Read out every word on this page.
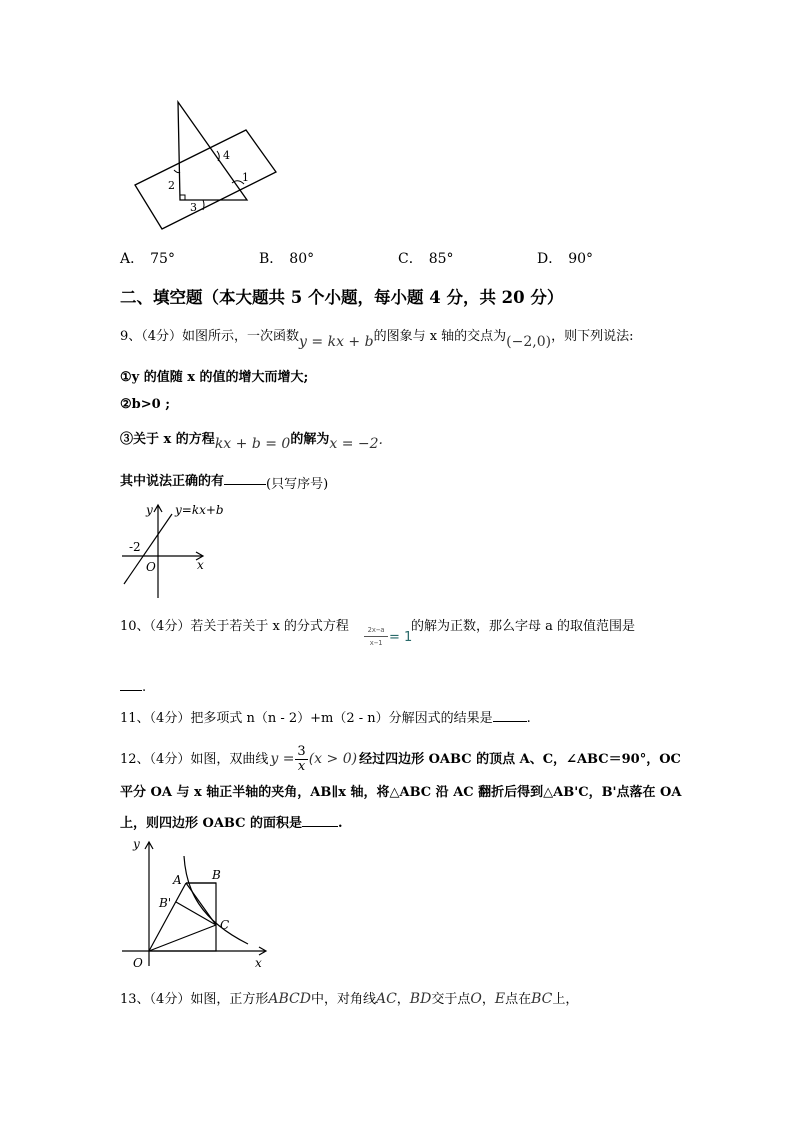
4
2
1
3
A． 75°	B． 80°	C． 85°	D． 90°
二、填空题（本大题共 5 个小题，每小题 4 分，共 20 分）
9、（4分）如图所示，一次函数y = kx + b的图象与 x 轴的交点为(−2,0)，则下列说法:
①y 的值随 x 的值的增大而增大;
②b>0 ;
③关于 x 的方程kx + b = 0的解为x = −2·
其中说法正确的有	(只写序号)
y y=kx+b
-2
O	x
10、（4分）若关于若关于 x 的分式方程	2x−a
x−1 = 1
的解为正数，那么字母 a 的取值范围是
.
11、（4分）把多项式 n（n - 2）+m（2 - n）分解因式的结果是	.
12、（4分）如图，双曲线 $y = \frac{3}{x} (x > 0)$ 经过四边形 OABC 的顶点 A、C，∠ABC＝90°，OC
平分 OA 与 x 轴正半轴的夹角，AB∥x 轴，将△ABC 沿 AC 翻折后得到△AB'C，B'点落在 OA
上，则四边形 OABC 的面积是	.
y
A	B
B'
C
O	x
13、（4分）如图，正方形ABCD中，对角线AC，BD交于点O，E点在BC上，
